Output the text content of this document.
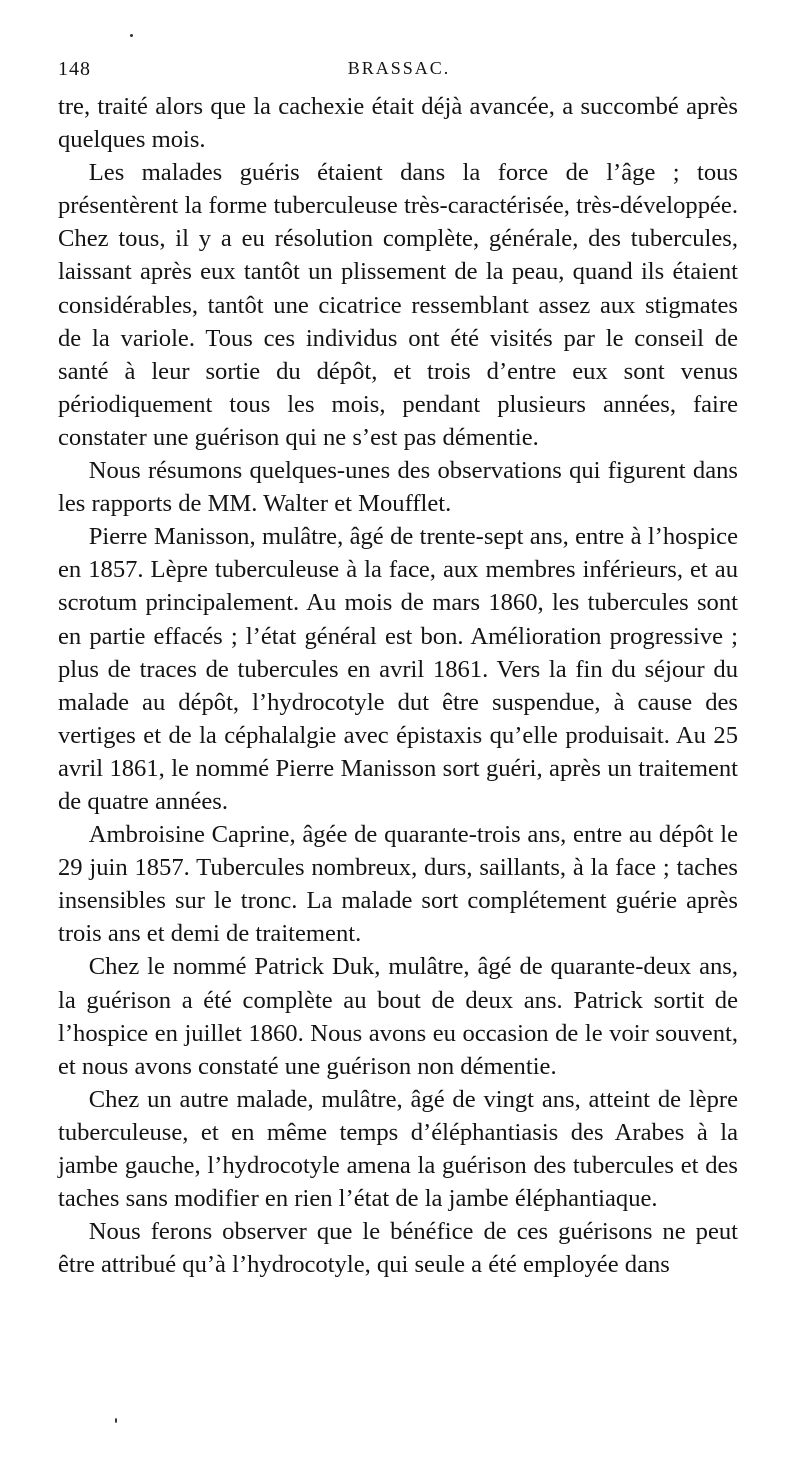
148	BRASSAC.

tre, traité alors que la cachexie était déjà avancée, a succombé après quelques mois.

Les malades guéris étaient dans la force de l’âge ; tous présentèrent la forme tuberculeuse très-caractérisée, très-développée. Chez tous, il y a eu résolution complète, générale, des tubercules, laissant après eux tantôt un plissement de la peau, quand ils étaient considérables, tantôt une cicatrice ressemblant assez aux stigmates de la variole. Tous ces individus ont été visités par le conseil de santé à leur sortie du dépôt, et trois d’entre eux sont venus périodiquement tous les mois, pendant plusieurs années, faire constater une guérison qui ne s’est pas démentie.

Nous résumons quelques-unes des observations qui figurent dans les rapports de MM. Walter et Moufflet.

Pierre Manisson, mulâtre, âgé de trente-sept ans, entre à l’hospice en 1857. Lèpre tuberculeuse à la face, aux membres inférieurs, et au scrotum principalement. Au mois de mars 1860, les tubercules sont en partie effacés ; l’état général est bon. Amélioration progressive ; plus de traces de tubercules en avril 1861. Vers la fin du séjour du malade au dépôt, l’hydrocotyle dut être suspendue, à cause des vertiges et de la céphalalgie avec épistaxis qu’elle produisait. Au 25 avril 1861, le nommé Pierre Manisson sort guéri, après un traitement de quatre années.

Ambroisine Caprine, âgée de quarante-trois ans, entre au dépôt le 29 juin 1857. Tubercules nombreux, durs, saillants, à la face ; taches insensibles sur le tronc. La malade sort complétement guérie après trois ans et demi de traitement.

Chez le nommé Patrick Duk, mulâtre, âgé de quarante-deux ans, la guérison a été complète au bout de deux ans. Patrick sortit de l’hospice en juillet 1860. Nous avons eu occasion de le voir souvent, et nous avons constaté une guérison non démentie.

Chez un autre malade, mulâtre, âgé de vingt ans, atteint de lèpre tuberculeuse, et en même temps d’éléphantiasis des Arabes à la jambe gauche, l’hydrocotyle amena la guérison des tubercules et des taches sans modifier en rien l’état de la jambe éléphantiaque.

Nous ferons observer que le bénéfice de ces guérisons ne peut être attribué qu’à l’hydrocotyle, qui seule a été employée dans
